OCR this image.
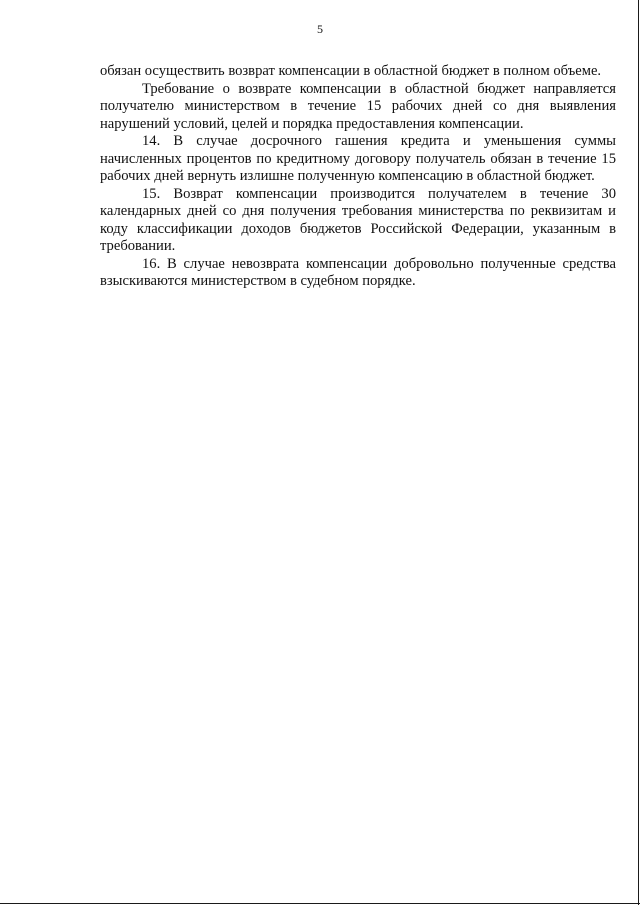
5

обязан осуществить возврат компенсации в областной бюджет в полном объеме.

Требование о возврате компенсации в областной бюджет направляется получателю министерством в течение 15 рабочих дней со дня выявления нарушений условий, целей и порядка предоставления компенсации.

14. В случае досрочного гашения кредита и уменьшения суммы начисленных процентов по кредитному договору получатель обязан в течение 15 рабочих дней вернуть излишне полученную компенсацию в областной бюджет.

15. Возврат компенсации производится получателем в течение 30 календарных дней со дня получения требования министерства по реквизитам и коду классификации доходов бюджетов Российской Федерации, указанным в требовании.

16. В случае невозврата компенсации добровольно полученные средства взыскиваются министерством в судебном порядке.
